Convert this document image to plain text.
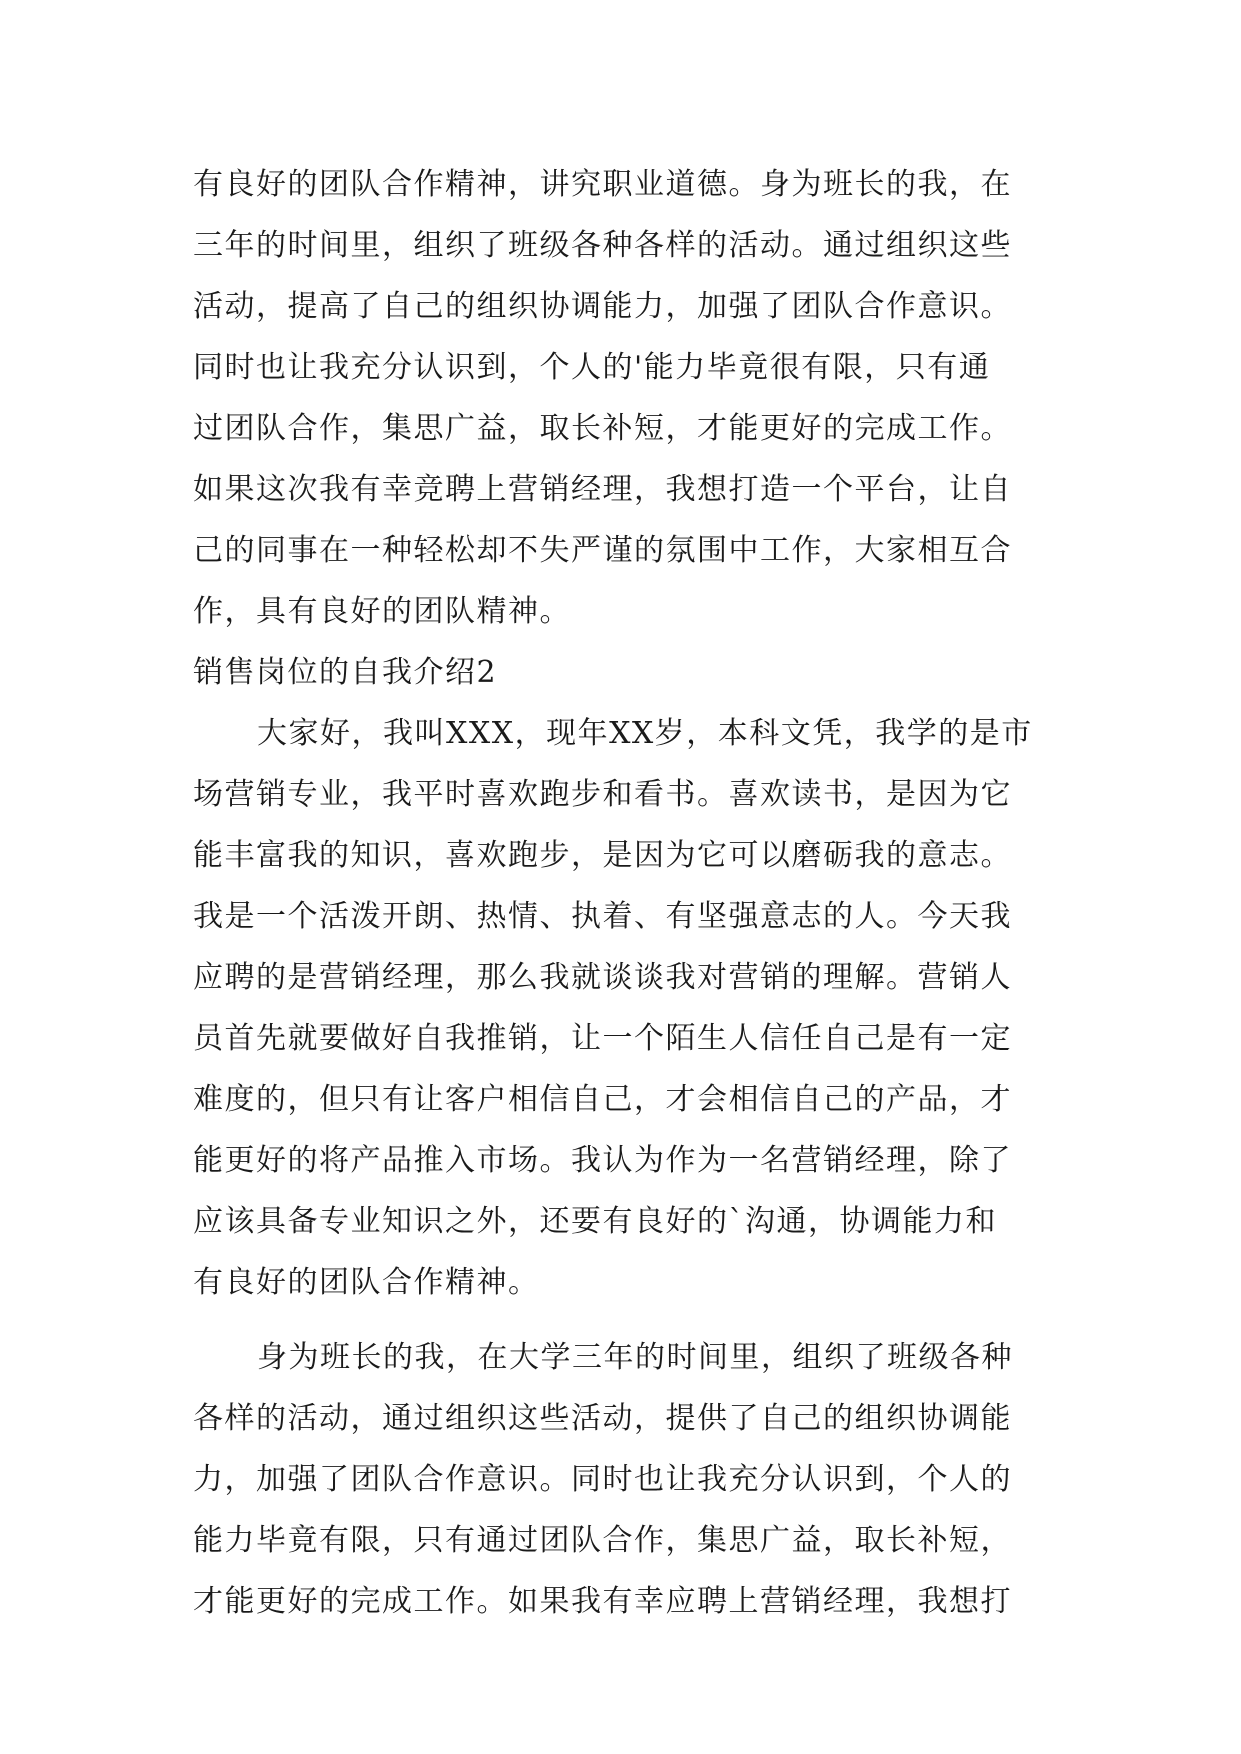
有良好的团队合作精神，讲究职业道德。身为班长的我，在
三年的时间里，组织了班级各种各样的活动。通过组织这些
活动，提高了自己的组织协调能力，加强了团队合作意识。
同时也让我充分认识到，个人的'能力毕竟很有限，只有通
过团队合作，集思广益，取长补短，才能更好的完成工作。
如果这次我有幸竞聘上营销经理，我想打造一个平台，让自
己的同事在一种轻松却不失严谨的氛围中工作，大家相互合
作，具有良好的团队精神。
销售岗位的自我介绍2
大家好，我叫XXX，现年XX岁，本科文凭，我学的是市
场营销专业，我平时喜欢跑步和看书。喜欢读书，是因为它
能丰富我的知识，喜欢跑步，是因为它可以磨砺我的意志。
我是一个活泼开朗、热情、执着、有坚强意志的人。今天我
应聘的是营销经理，那么我就谈谈我对营销的理解。营销人
员首先就要做好自我推销，让一个陌生人信任自己是有一定
难度的，但只有让客户相信自己，才会相信自己的产品，才
能更好的将产品推入市场。我认为作为一名营销经理，除了
应该具备专业知识之外，还要有良好的`沟通，协调能力和
有良好的团队合作精神。
身为班长的我，在大学三年的时间里，组织了班级各种
各样的活动，通过组织这些活动，提供了自己的组织协调能
力，加强了团队合作意识。同时也让我充分认识到，个人的
能力毕竟有限，只有通过团队合作，集思广益，取长补短，
才能更好的完成工作。如果我有幸应聘上营销经理，我想打
